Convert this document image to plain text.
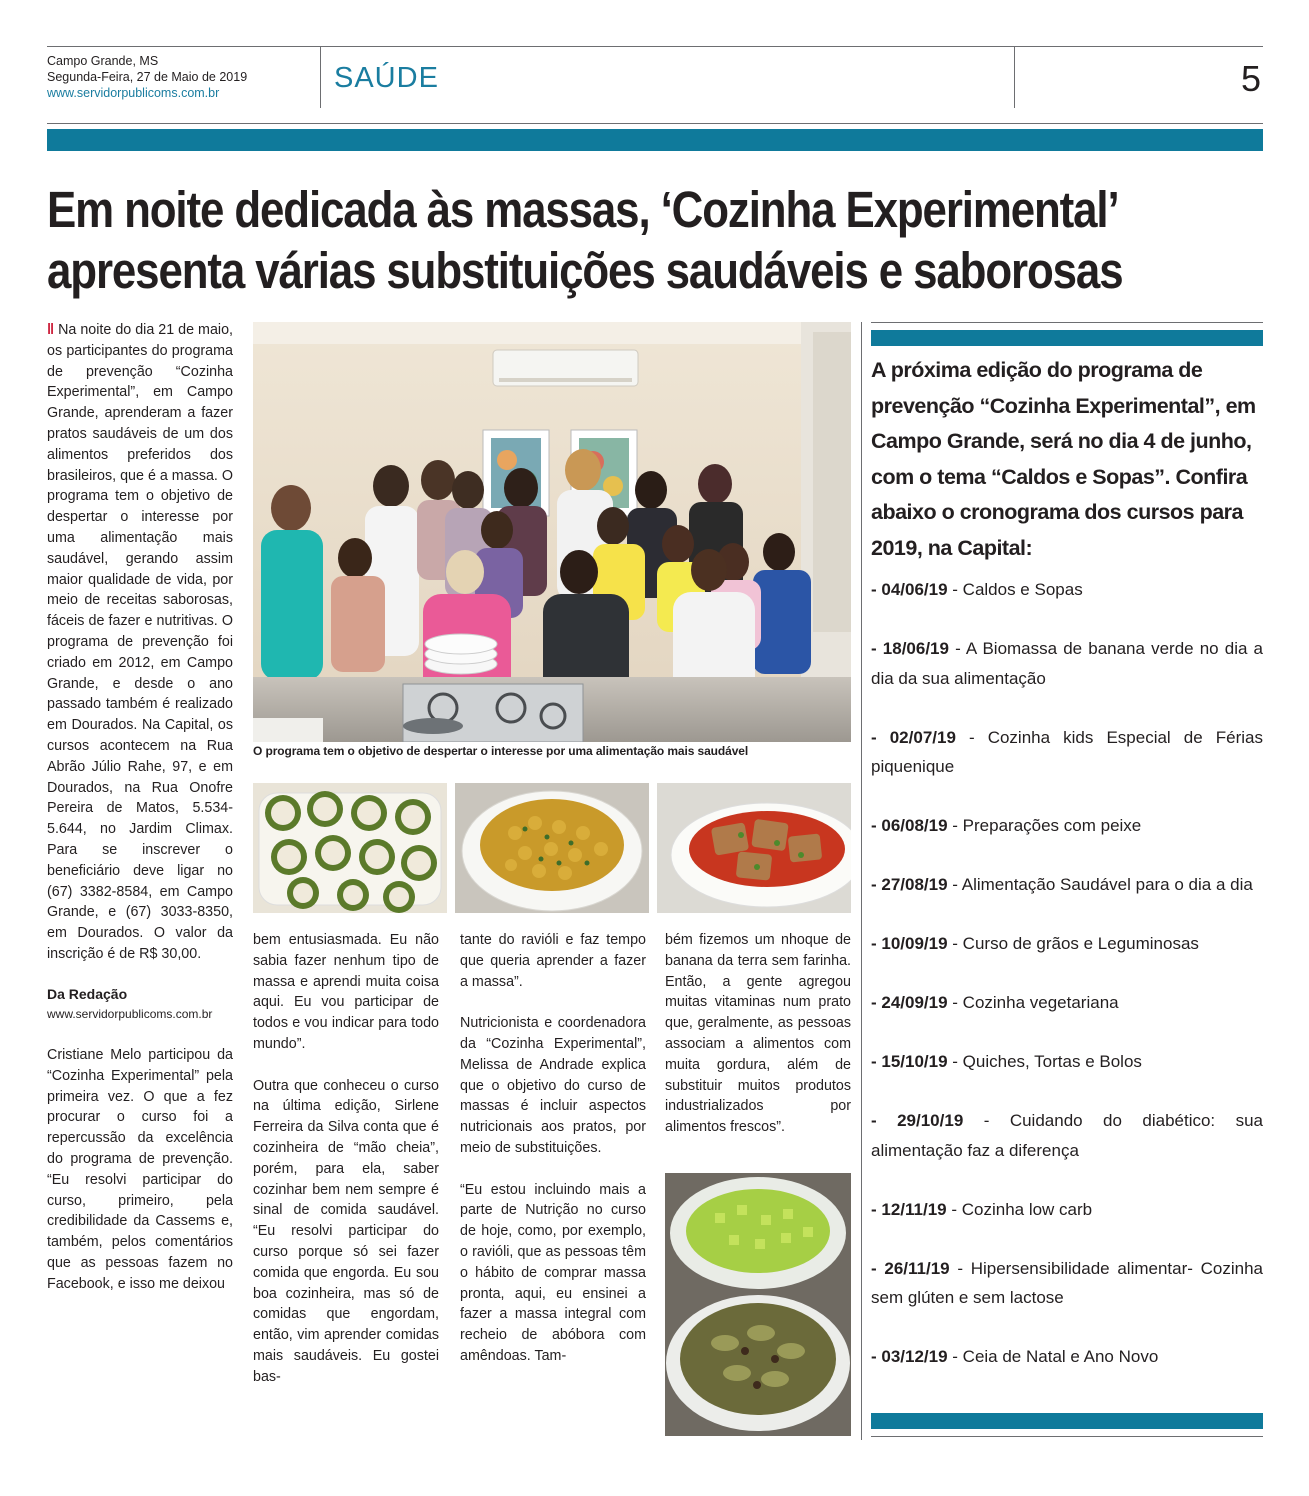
Campo Grande, MS
Segunda-Feira, 27 de Maio de 2019
www.servidorpublicoms.com.br	SAÚDE	5
Em noite dedicada às massas, ‘Cozinha Experimental’
apresenta várias substituições saudáveis e saborosas

‖ Na noite do dia 21 de maio, os participantes do programa de prevenção “Cozinha Experimental”, em Campo Grande, aprenderam a fazer pratos saudáveis de um dos alimentos preferidos dos brasileiros, que é a massa. O programa tem o objetivo de despertar o interesse por uma alimentação mais saudável, gerando assim maior qualidade de vida, por meio de receitas saborosas, fáceis de fazer e nutritivas. O programa de prevenção foi criado em 2012, em Campo Grande, e desde o ano passado também é realizado em Dourados. Na Capital, os cursos acontecem na Rua Abrão Júlio Rahe, 97, e em Dourados, na Rua Onofre Pereira de Matos, 5.534-5.644, no Jardim Climax. Para se inscrever o beneficiário deve ligar no (67) 3382-8584, em Campo Grande, e (67) 3033-8350, em Dourados. O valor da inscrição é de R$ 30,00.

Da Redação
www.servidorpublicoms.com.br

Cristiane Melo participou da “Cozinha Experimental” pela primeira vez. O que a fez procurar o curso foi a repercussão da excelência do programa de prevenção. “Eu resolvi participar do curso, primeiro, pela credibilidade da Cassems e, também, pelos comentários que as pessoas fazem no Facebook, e isso me deixou

O programa tem o objetivo de despertar o interesse por uma alimentação mais saudável

bem entusiasmada. Eu não sabia fazer nenhum tipo de massa e aprendi muita coisa aqui. Eu vou participar de todos e vou indicar para todo mundo”.

Outra que conheceu o curso na última edição, Sirlene Ferreira da Silva conta que é cozinheira de “mão cheia”, porém, para ela, saber cozinhar bem nem sempre é sinal de comida saudável. “Eu resolvi participar do curso porque só sei fazer comida que engorda. Eu sou boa cozinheira, mas só de comidas que engordam, então, vim aprender comidas mais saudáveis. Eu gostei bas-

tante do ravióli e faz tempo que queria aprender a fazer a massa”.

Nutricionista e coordenadora da “Cozinha Experimental”, Melissa de Andrade explica que o objetivo do curso de massas é incluir aspectos nutricionais aos pratos, por meio de substituições.

“Eu estou incluindo mais a parte de Nutrição no curso de hoje, como, por exemplo, o ravióli, que as pessoas têm o hábito de comprar massa pronta, aqui, eu ensinei a fazer a massa integral com recheio de abóbora com amêndoas. Tam-

bém fizemos um nhoque de banana da terra sem farinha. Então, a gente agregou muitas vitaminas num prato que, geralmente, as pessoas associam a alimentos com muita gordura, além de substituir muitos produtos industrializados por alimentos frescos”.

A próxima edição do programa de prevenção “Cozinha Experimental”, em Campo Grande, será no dia 4 de junho, com o tema “Caldos e Sopas”. Confira abaixo o cronograma dos cursos para 2019, na Capital:
- 04/06/19 - Caldos e Sopas
- 18/06/19 - A Biomassa de banana verde no dia a dia da sua alimentação
- 02/07/19 - Cozinha kids Especial de Férias piquenique
- 06/08/19 - Preparações com peixe
- 27/08/19 - Alimentação Saudável para o dia a dia
- 10/09/19 - Curso de grãos e Leguminosas
- 24/09/19 - Cozinha vegetariana
- 15/10/19 - Quiches, Tortas e Bolos
- 29/10/19 - Cuidando do diabético: sua alimentação faz a diferença
- 12/11/19 - Cozinha low carb
- 26/11/19 - Hipersensibilidade alimentar- Cozinha sem glúten e sem lactose
- 03/12/19 - Ceia de Natal e Ano Novo
